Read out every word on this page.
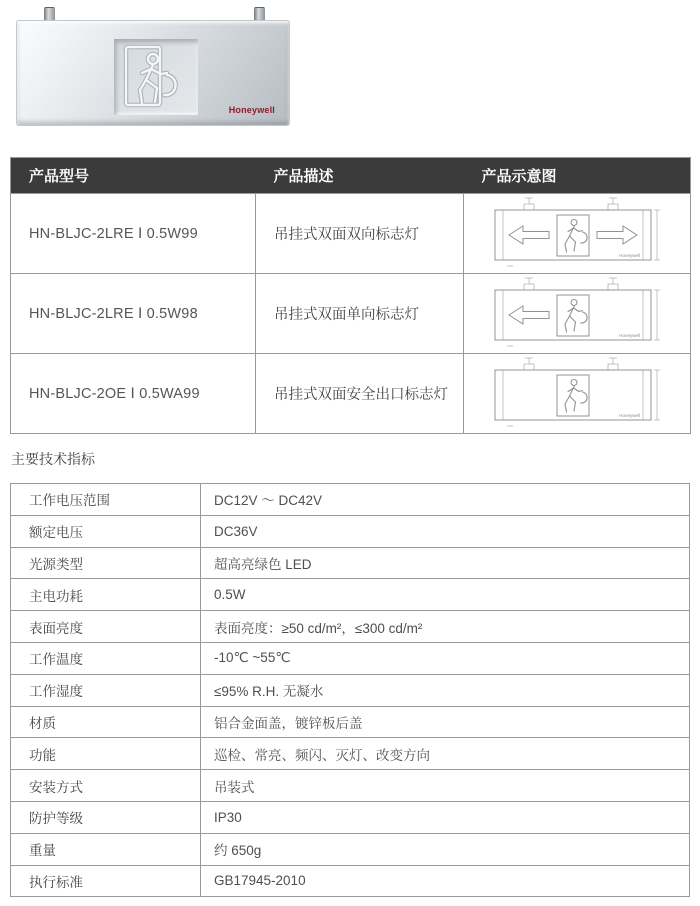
Honeywell
产品型号	产品描述	产品示意图
HN-BLJC-2LRE Ⅰ 0.5W99	吊挂式双面双向标志灯	Honeywell

HN-BLJC-2LRE Ⅰ 0.5W98	吊挂式双面单向标志灯	Honeywell

HN-BLJC-2OE Ⅰ 0.5WA99	吊挂式双面安全出口标志灯	Honeywell
主要技术指标
工作电压范围	DC12V ～ DC42V
额定电压	DC36V
光源类型	超高亮绿色 LED
主电功耗	0.5W
表面亮度	表面亮度：≥50 cd/m²，≤300 cd/m²
工作温度	-10℃ ~55℃
工作湿度	≤95% R.H. 无凝水
材质	铝合金面盖，镀锌板后盖
功能	巡检、常亮、频闪、灭灯、改变方向
安装方式	吊装式
防护等级	IP30
重量	约 650g
执行标准	GB17945-2010
